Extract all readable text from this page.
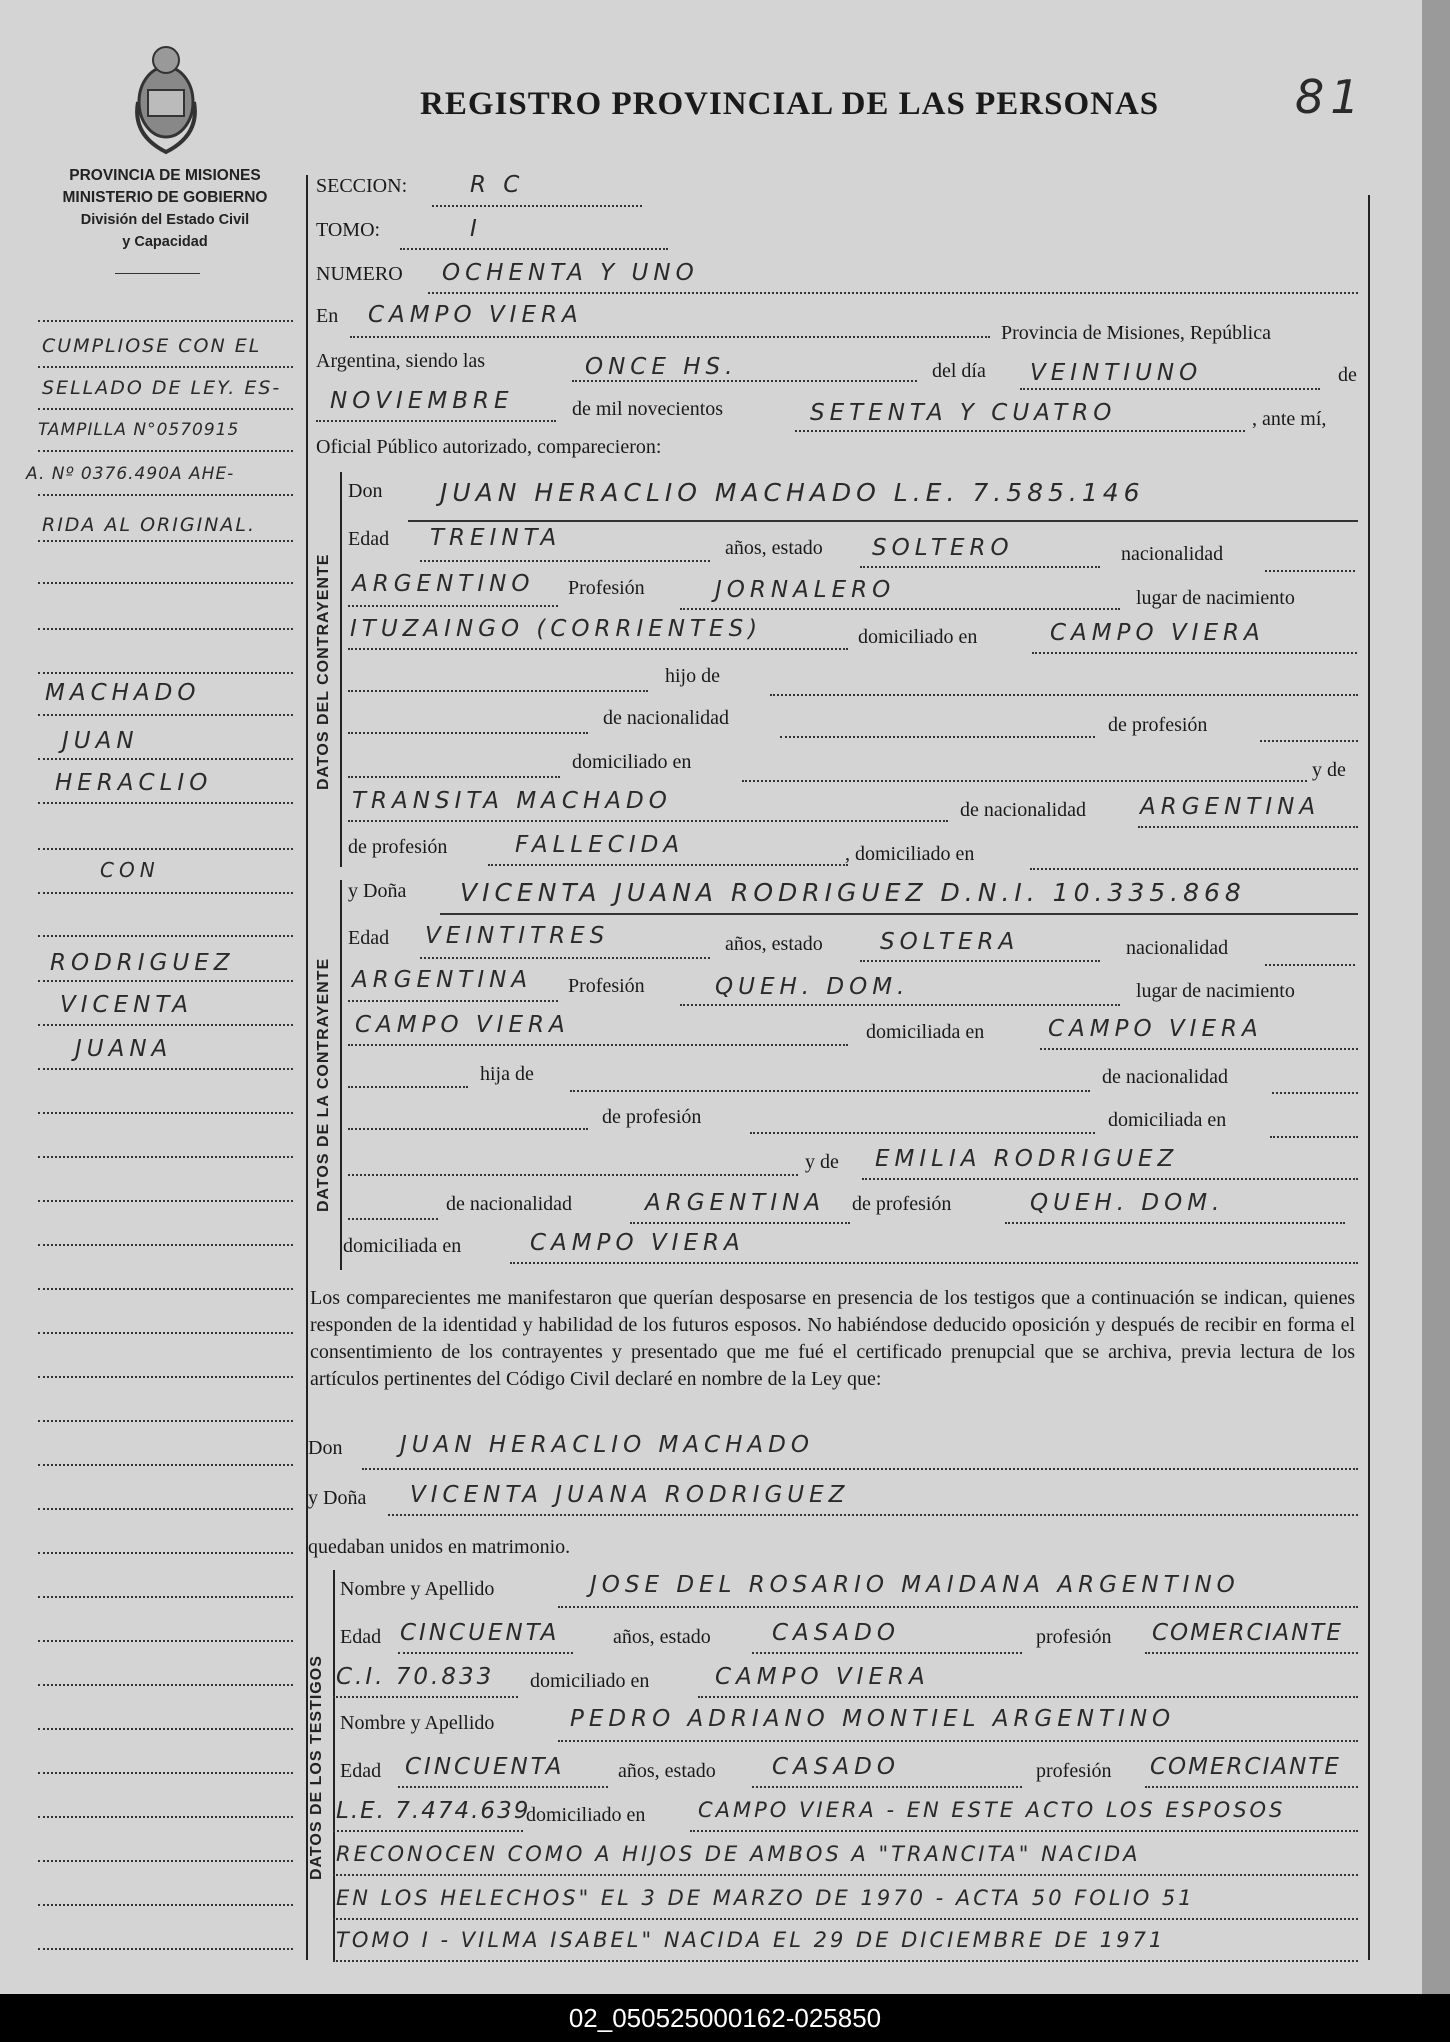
REGISTRO PROVINCIAL DE LAS PERSONAS	81
PROVINCIA DE MISIONES
MINISTERIO DE GOBIERNO
División del Estado Civil
y Capacidad
CUMPLIOSE CON EL
SELLADO DE LEY. ES-
TAMPILLA N°0570915
A. Nº 0376.490A AHE-
RIDA AL ORIGINAL.
MACHADO
JUAN
HERACLIO
CON
RODRIGUEZ
VICENTA
JUANA
SECCION:	R C
TOMO:	I
NUMERO OCHENTA Y UNO
En CAMPO VIERA
Provincia de Misiones, República
Argentina, siendo las	ONCE HS.	del día VEINTIUNO	de
NOVIEMBRE	de mil novecientos	SETENTA Y CUATRO	, ante mí,
Oficial Público autorizado, comparecieron:
DATOS DEL CONTRAYENTE
Don JUAN HERACLIO MACHADO L.E. 7.585.146
Edad TREINTA	años, estado SOLTERO	nacionalidad
ARGENTINO Profesión	JORNALERO	lugar de nacimiento
ITUZAINGO (CORRIENTES)	domiciliado en	CAMPO VIERA
hijo de
de nacionalidad	de profesión
domiciliado en	y de
TRANSITA MACHADO	de nacionalidad ARGENTINA
de profesión	FALLECIDA	, domiciliado en
DATOS DE LA CONTRAYENTE
y Doña VICENTA JUANA RODRIGUEZ D.N.I. 10.335.868
Edad VEINTITRES	años, estado SOLTERA	nacionalidad
ARGENTINA Profesión	QUEH. DOM.	lugar de nacimiento
CAMPO VIERA	domiciliada en	CAMPO VIERA
hija de	de nacionalidad
de profesión	domiciliada en
y de EMILIA RODRIGUEZ
de nacionalidad	ARGENTINA de profesión	QUEH. DOM.
domiciliada en	CAMPO VIERA
Los comparecientes me manifestaron que querían desposarse en presencia de los testigos que a continuación se indican, quienes responden de la identidad y habilidad de los futuros esposos. No habiéndose deducido oposición y después de recibir en forma el consentimiento de los contrayentes y presentado que me fué el certificado prenupcial que se archiva, previa lectura de los artículos pertinentes del Código Civil declaré en nombre de la Ley que:
Don	JUAN HERACLIO MACHADO
y Doña VICENTA JUANA RODRIGUEZ
quedaban unidos en matrimonio.
DATOS DE LOS TESTIGOS
Nombre y Apellido	JOSE DEL ROSARIO MAIDANA ARGENTINO
Edad CINCUENTA	años, estado	CASADO	profesión COMERCIANTE
C.I. 70.833 domiciliado en	CAMPO VIERA
Nombre y Apellido	PEDRO ADRIANO MONTIEL ARGENTINO
Edad CINCUENTA	años, estado CASADO	profesión COMERCIANTE
L.E. 7.474.639
domiciliado en	CAMPO VIERA - EN ESTE ACTO LOS ESPOSOS
RECONOCEN COMO A HIJOS DE AMBOS A "TRANCITA" NACIDA
EN LOS HELECHOS" EL 3 DE MARZO DE 1970 - ACTA 50 FOLIO 51
TOMO I - VILMA ISABEL" NACIDA EL 29 DE DICIEMBRE DE 1971
02_050525000162-025850
